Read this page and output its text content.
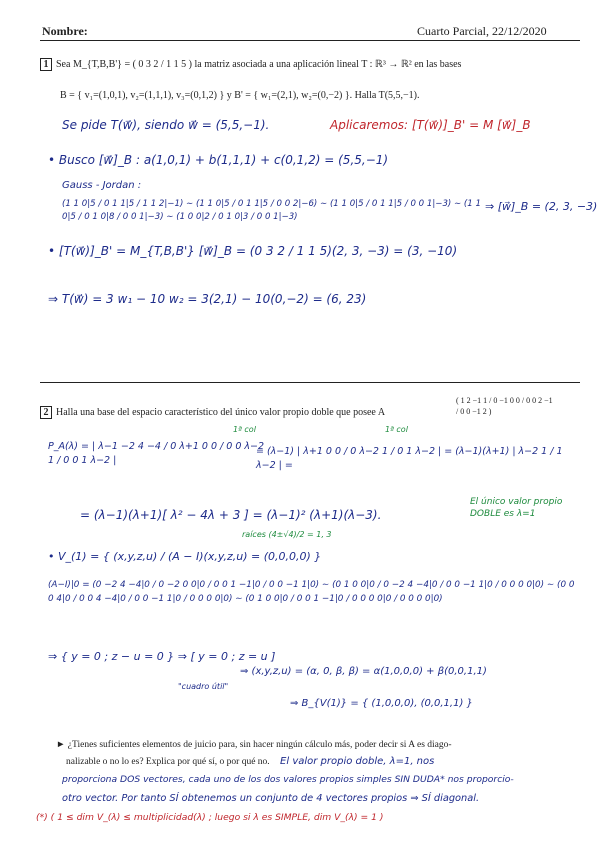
Nombre:	Cuarto Parcial, 22/12/2020
1 Sea M_{T,B,B'} = ( 0 3 2 / 1 1 5 ) la matriz asociada a una aplicación lineal T : ℝ³ → ℝ² en las bases
B = { v₁=(1,0,1), v₂=(1,1,1), v₃=(0,1,2) } y B' = { w₁=(2,1), w₂=(0,−2) }. Halla T(5,5,−1).
Se pide T(w⃗), siendo w⃗ = (5,5,−1).	Aplicaremos: [T(w⃗)]_B' = M [w⃗]_B
• Busco [w⃗]_B : a(1,0,1) + b(1,1,1) + c(0,1,2) = (5,5,−1)
Gauss - Jordan :
(1 1 0|5 / 0 1 1|5 / 1 1 2|−1) ∼ (1 1 0|5 / 0 1 1|5 / 0 0 2|−6) ∼ (1 1 0|5 / 0 1 1|5 / 0 0 1|−3) ∼ (1 1 0|5 / 0 1 0|8 / 0 0 1|−3) ∼ (1 0 0|2 / 0 1 0|3 / 0 0 1|−3)
⇒ [w⃗]_B = (2, 3, −3)
• [T(w⃗)]_B' = M_{T,B,B'} [w⃗]_B = (0 3 2 / 1 1 5)(2, 3, −3) = (3, −10)
⇒ T(w⃗) = 3 w₁ − 10 w₂ = 3(2,1) − 10(0,−2) = (6, 23)
2 Halla una base del espacio característico del único valor propio doble que posee A
( 1 2 −1 1 / 0 −1 0 0 / 0 0 2 −1 / 0 0 −1 2 )
P_A(λ) = | λ−1 −2 4 −4 / 0 λ+1 0 0 / 0 0 λ−2 1 / 0 0 1 λ−2 |
1ª col
= (λ−1) | λ+1 0 0 / 0 λ−2 1 / 0 1 λ−2 | = (λ−1)(λ+1) | λ−2 1 / 1 λ−2 | =
1ª col
= (λ−1)(λ+1)[ λ² − 4λ + 3 ] = (λ−1)² (λ+1)(λ−3).
raíces (4±√4)/2 = 1, 3
El único valor propio DOBLE es λ=1
• V_(1) = { (x,y,z,u) / (A − I)(x,y,z,u) = (0,0,0,0) }
(A−I)|0 = (0 −2 4 −4|0 / 0 −2 0 0|0 / 0 0 1 −1|0 / 0 0 −1 1|0) ∼ (0 1 0 0|0 / 0 −2 4 −4|0 / 0 0 −1 1|0 / 0 0 0 0|0) ∼ (0 0 0 4|0 / 0 0 4 −4|0 / 0 0 −1 1|0 / 0 0 0 0|0) ∼ (0 1 0 0|0 / 0 0 1 −1|0 / 0 0 0 0|0 / 0 0 0 0|0)
⇒ { y = 0 ; z − u = 0 } ⇒ [ y = 0 ; z = u ]
"cuadro útil"
⇒ (x,y,z,u) = (α, 0, β, β) = α(1,0,0,0) + β(0,0,1,1)
⇒ B_{V(1)} = { (1,0,0,0), (0,0,1,1) }
► ¿Tienes suficientes elementos de juicio para, sin hacer ningún cálculo más, poder decir si A es diago-
nalizable o no lo es? Explica por qué sí, o por qué no. El valor propio doble, λ=1, nos
proporciona DOS vectores, cada uno de los dos valores propios simples SIN DUDA* nos proporcio-
otro vector. Por tanto SÍ obtenemos un conjunto de 4 vectores propios ⇒ SÍ diagonal.
(*) ( 1 ≤ dim V_(λ) ≤ multiplicidad(λ) ; luego si λ es SIMPLE, dim V_(λ) = 1 )
